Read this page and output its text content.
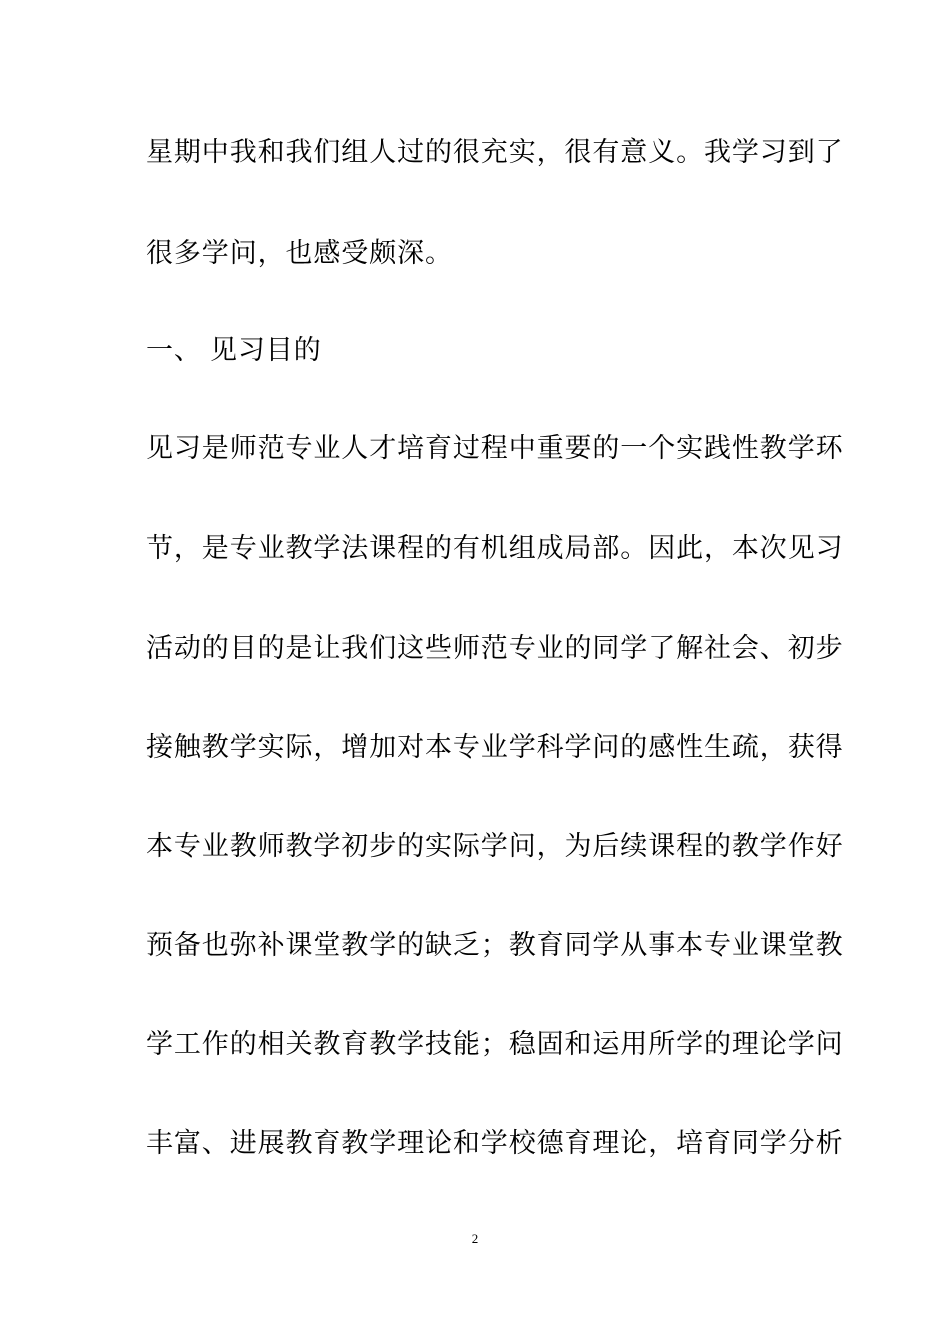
星期中我和我们组人过的很充实，很有意义。我学习到了
很多学问，也感受颇深。
一、 见习目的
见习是师范专业人才培育过程中重要的一个实践性教学环
节，是专业教学法课程的有机组成局部。因此，本次见习
活动的目的是让我们这些师范专业的同学了解社会、初步
接触教学实际，增加对本专业学科学问的感性生疏，获得
本专业教师教学初步的实际学问，为后续课程的教学作好
预备也弥补课堂教学的缺乏；教育同学从事本专业课堂教
学工作的相关教育教学技能；稳固和运用所学的理论学问
丰富、进展教育教学理论和学校德育理论，培育同学分析
2
